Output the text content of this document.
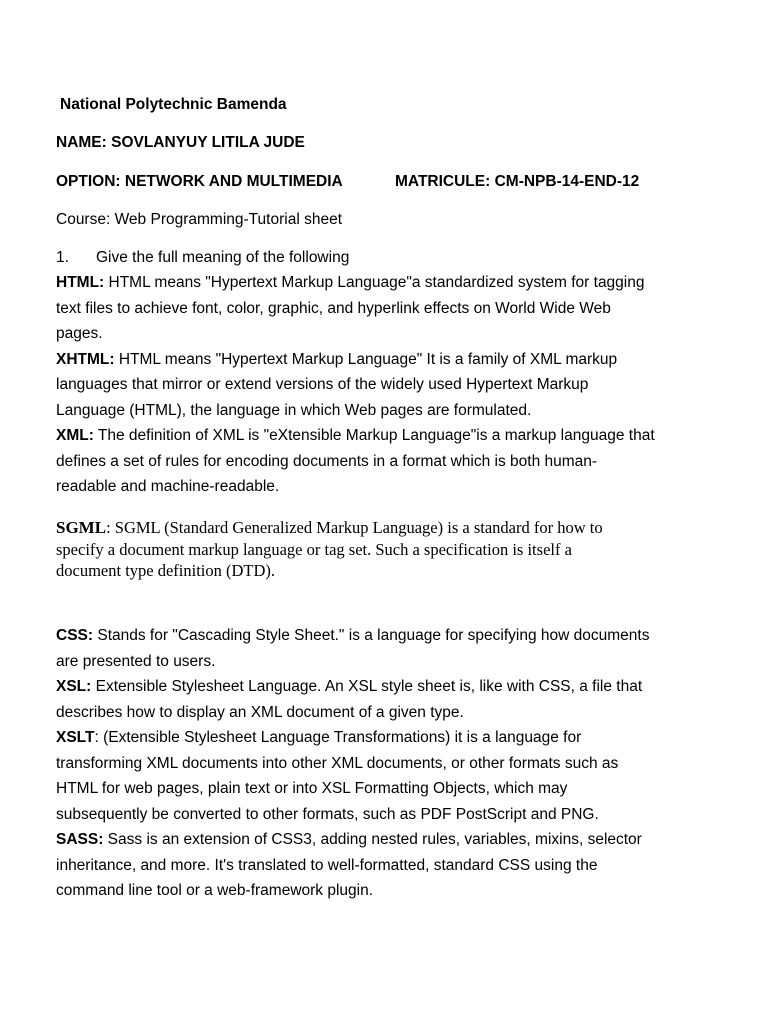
National Polytechnic Bamenda
NAME: SOVLANYUY LITILA JUDE
OPTION: NETWORK AND MULTIMEDIA	MATRICULE: CM-NPB-14-END-12
Course: Web Programming-Tutorial sheet
1. Give the full meaning of the following
HTML: HTML means "Hypertext Markup Language"a standardized system for tagging
text files to achieve font, color, graphic, and hyperlink effects on World Wide Web
pages.
XHTML: HTML means "Hypertext Markup Language" It is a family of XML markup
languages that mirror or extend versions of the widely used Hypertext Markup
Language (HTML), the language in which Web pages are formulated.
XML: The definition of XML is "eXtensible Markup Language"is a markup language that
defines a set of rules for encoding documents in a format which is both human-
readable and machine-readable.
SGML: SGML (Standard Generalized Markup Language) is a standard for how to
specify a document markup language or tag set. Such a specification is itself a
document type definition (DTD).
CSS: Stands for "Cascading Style Sheet." is a language for specifying how documents
are presented to users.
XSL: Extensible Stylesheet Language. An XSL style sheet is, like with CSS, a file that
describes how to display an XML document of a given type.
XSLT: (Extensible Stylesheet Language Transformations) it is a language for
transforming XML documents into other XML documents, or other formats such as
HTML for web pages, plain text or into XSL Formatting Objects, which may
subsequently be converted to other formats, such as PDF PostScript and PNG.
SASS: Sass is an extension of CSS3, adding nested rules, variables, mixins, selector
inheritance, and more. It's translated to well-formatted, standard CSS using the
command line tool or a web-framework plugin.
